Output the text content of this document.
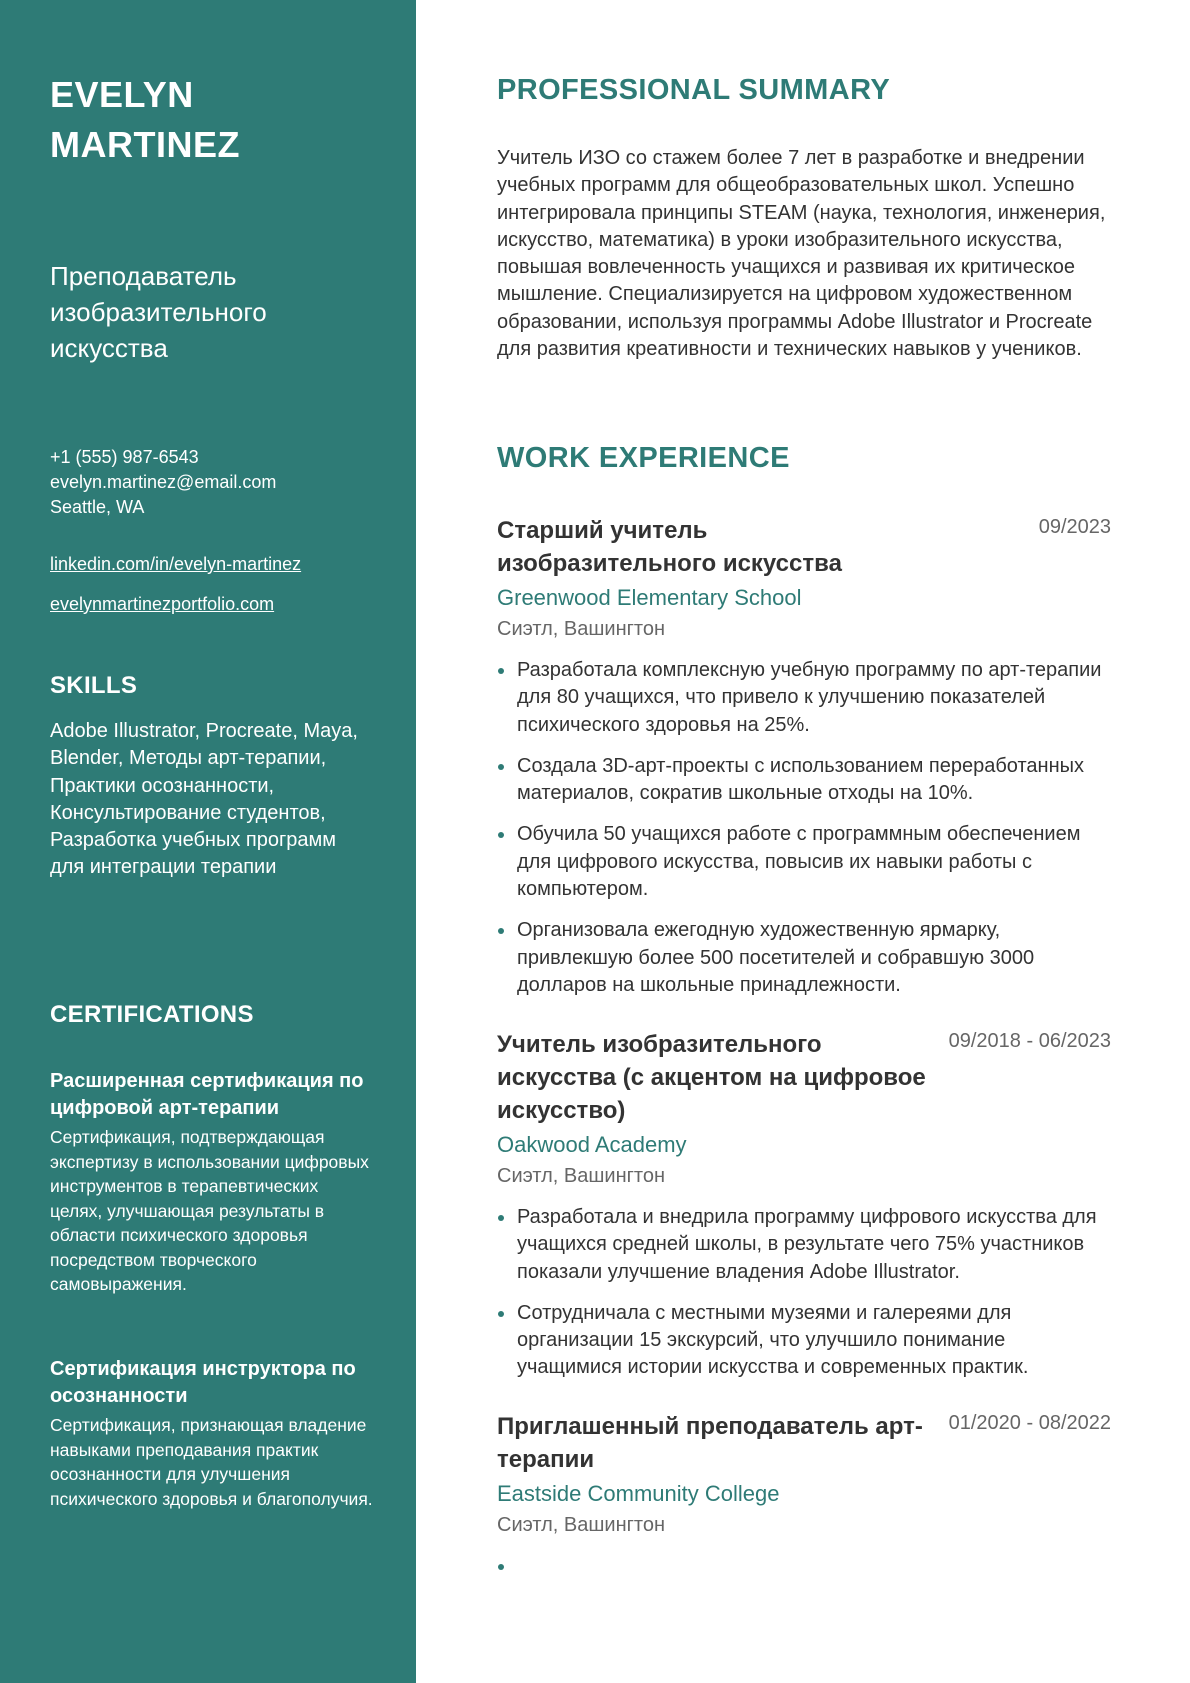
EVELYN
MARTINEZ

Преподаватель изобразительного искусства

+1 (555) 987-6543
evelyn.martinez@email.com
Seattle, WA
linkedin.com/in/evelyn-martinez
evelynmartinezportfolio.com
SKILLS

Adobe Illustrator, Procreate, Maya, Blender, Методы арт-терапии, Практики осознанности, Консультирование студентов, Разработка учебных программ для интеграции терапии

CERTIFICATIONS

Расширенная сертификация по цифровой арт-терапии

Сертификация, подтверждающая экспертизу в использовании цифровых инструментов в терапевтических целях, улучшающая результаты в области психического здоровья посредством творческого самовыражения.

Сертификация инструктора по осознанности

Сертификация, признающая владение навыками преподавания практик осознанности для улучшения психического здоровья и благополучия.

PROFESSIONAL SUMMARY

Учитель ИЗО со стажем более 7 лет в разработке и внедрении учебных программ для общеобразовательных школ. Успешно интегрировала принципы STEAM (наука, технология, инженерия, искусство, математика) в уроки изобразительного искусства, повышая вовлеченность учащихся и развивая их критическое мышление. Специализируется на цифровом художественном образовании, используя программы Adobe Illustrator и Procreate для развития креативности и технических навыков у учеников.

WORK EXPERIENCE
Старший учитель изобразительного искусства
09/2023
Greenwood Elementary School
Сиэтл, Вашингтон
Разработала комплексную учебную программу по арт-терапии для 80 учащихся, что привело к улучшению показателей психического здоровья на 25%.
Создала 3D-арт-проекты с использованием переработанных материалов, сократив школьные отходы на 10%.
Обучила 50 учащихся работе с программным обеспечением для цифрового искусства, повысив их навыки работы с компьютером.
Организовала ежегодную художественную ярмарку, привлекшую более 500 посетителей и собравшую 3000 долларов на школьные принадлежности.
Учитель изобразительного искусства (с акцентом на цифровое искусство)
09/2018 - 06/2023
Oakwood Academy
Сиэтл, Вашингтон
Разработала и внедрила программу цифрового искусства для учащихся средней школы, в результате чего 75% участников показали улучшение владения Adobe Illustrator.
Сотрудничала с местными музеями и галереями для организации 15 экскурсий, что улучшило понимание учащимися истории искусства и современных практик.
Приглашенный преподаватель арт-терапии
01/2020 - 08/2022
Eastside Community College
Сиэтл, Вашингтон
